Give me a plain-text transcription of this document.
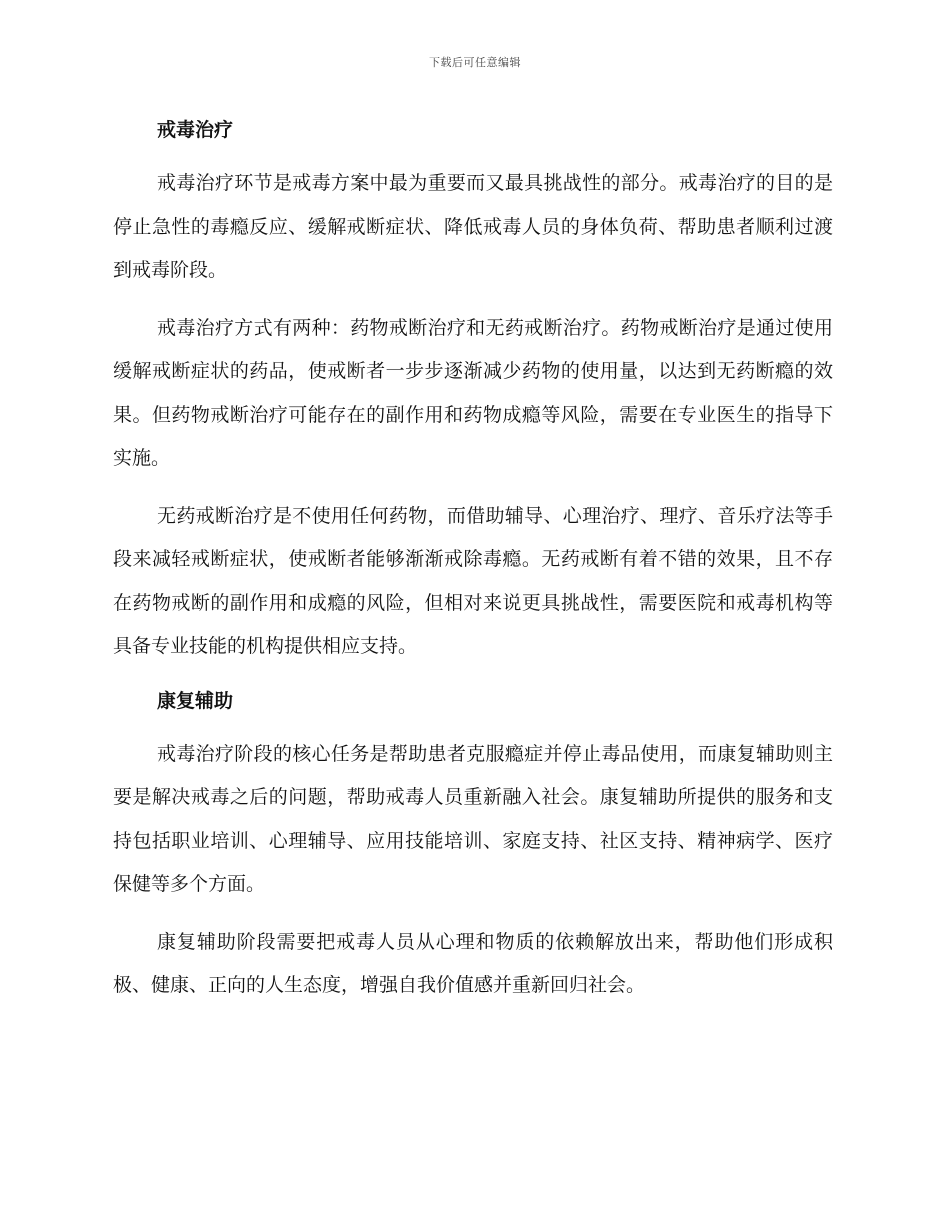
下载后可任意编辑
戒毒治疗

戒毒治疗环节是戒毒方案中最为重要而又最具挑战性的部分。戒毒治疗的目的是停止急性的毒瘾反应、缓解戒断症状、降低戒毒人员的身体负荷、帮助患者顺利过渡到戒毒阶段。

戒毒治疗方式有两种：药物戒断治疗和无药戒断治疗。药物戒断治疗是通过使用缓解戒断症状的药品，使戒断者一步步逐渐减少药物的使用量，以达到无药断瘾的效果。但药物戒断治疗可能存在的副作用和药物成瘾等风险，需要在专业医生的指导下实施。

无药戒断治疗是不使用任何药物，而借助辅导、心理治疗、理疗、音乐疗法等手段来减轻戒断症状，使戒断者能够渐渐戒除毒瘾。无药戒断有着不错的效果，且不存在药物戒断的副作用和成瘾的风险，但相对来说更具挑战性，需要医院和戒毒机构等具备专业技能的机构提供相应支持。

康复辅助

戒毒治疗阶段的核心任务是帮助患者克服瘾症并停止毒品使用，而康复辅助则主要是解决戒毒之后的问题，帮助戒毒人员重新融入社会。康复辅助所提供的服务和支持包括职业培训、心理辅导、应用技能培训、家庭支持、社区支持、精神病学、医疗保健等多个方面。

康复辅助阶段需要把戒毒人员从心理和物质的依赖解放出来，帮助他们形成积极、健康、正向的人生态度，增强自我价值感并重新回归社会。
